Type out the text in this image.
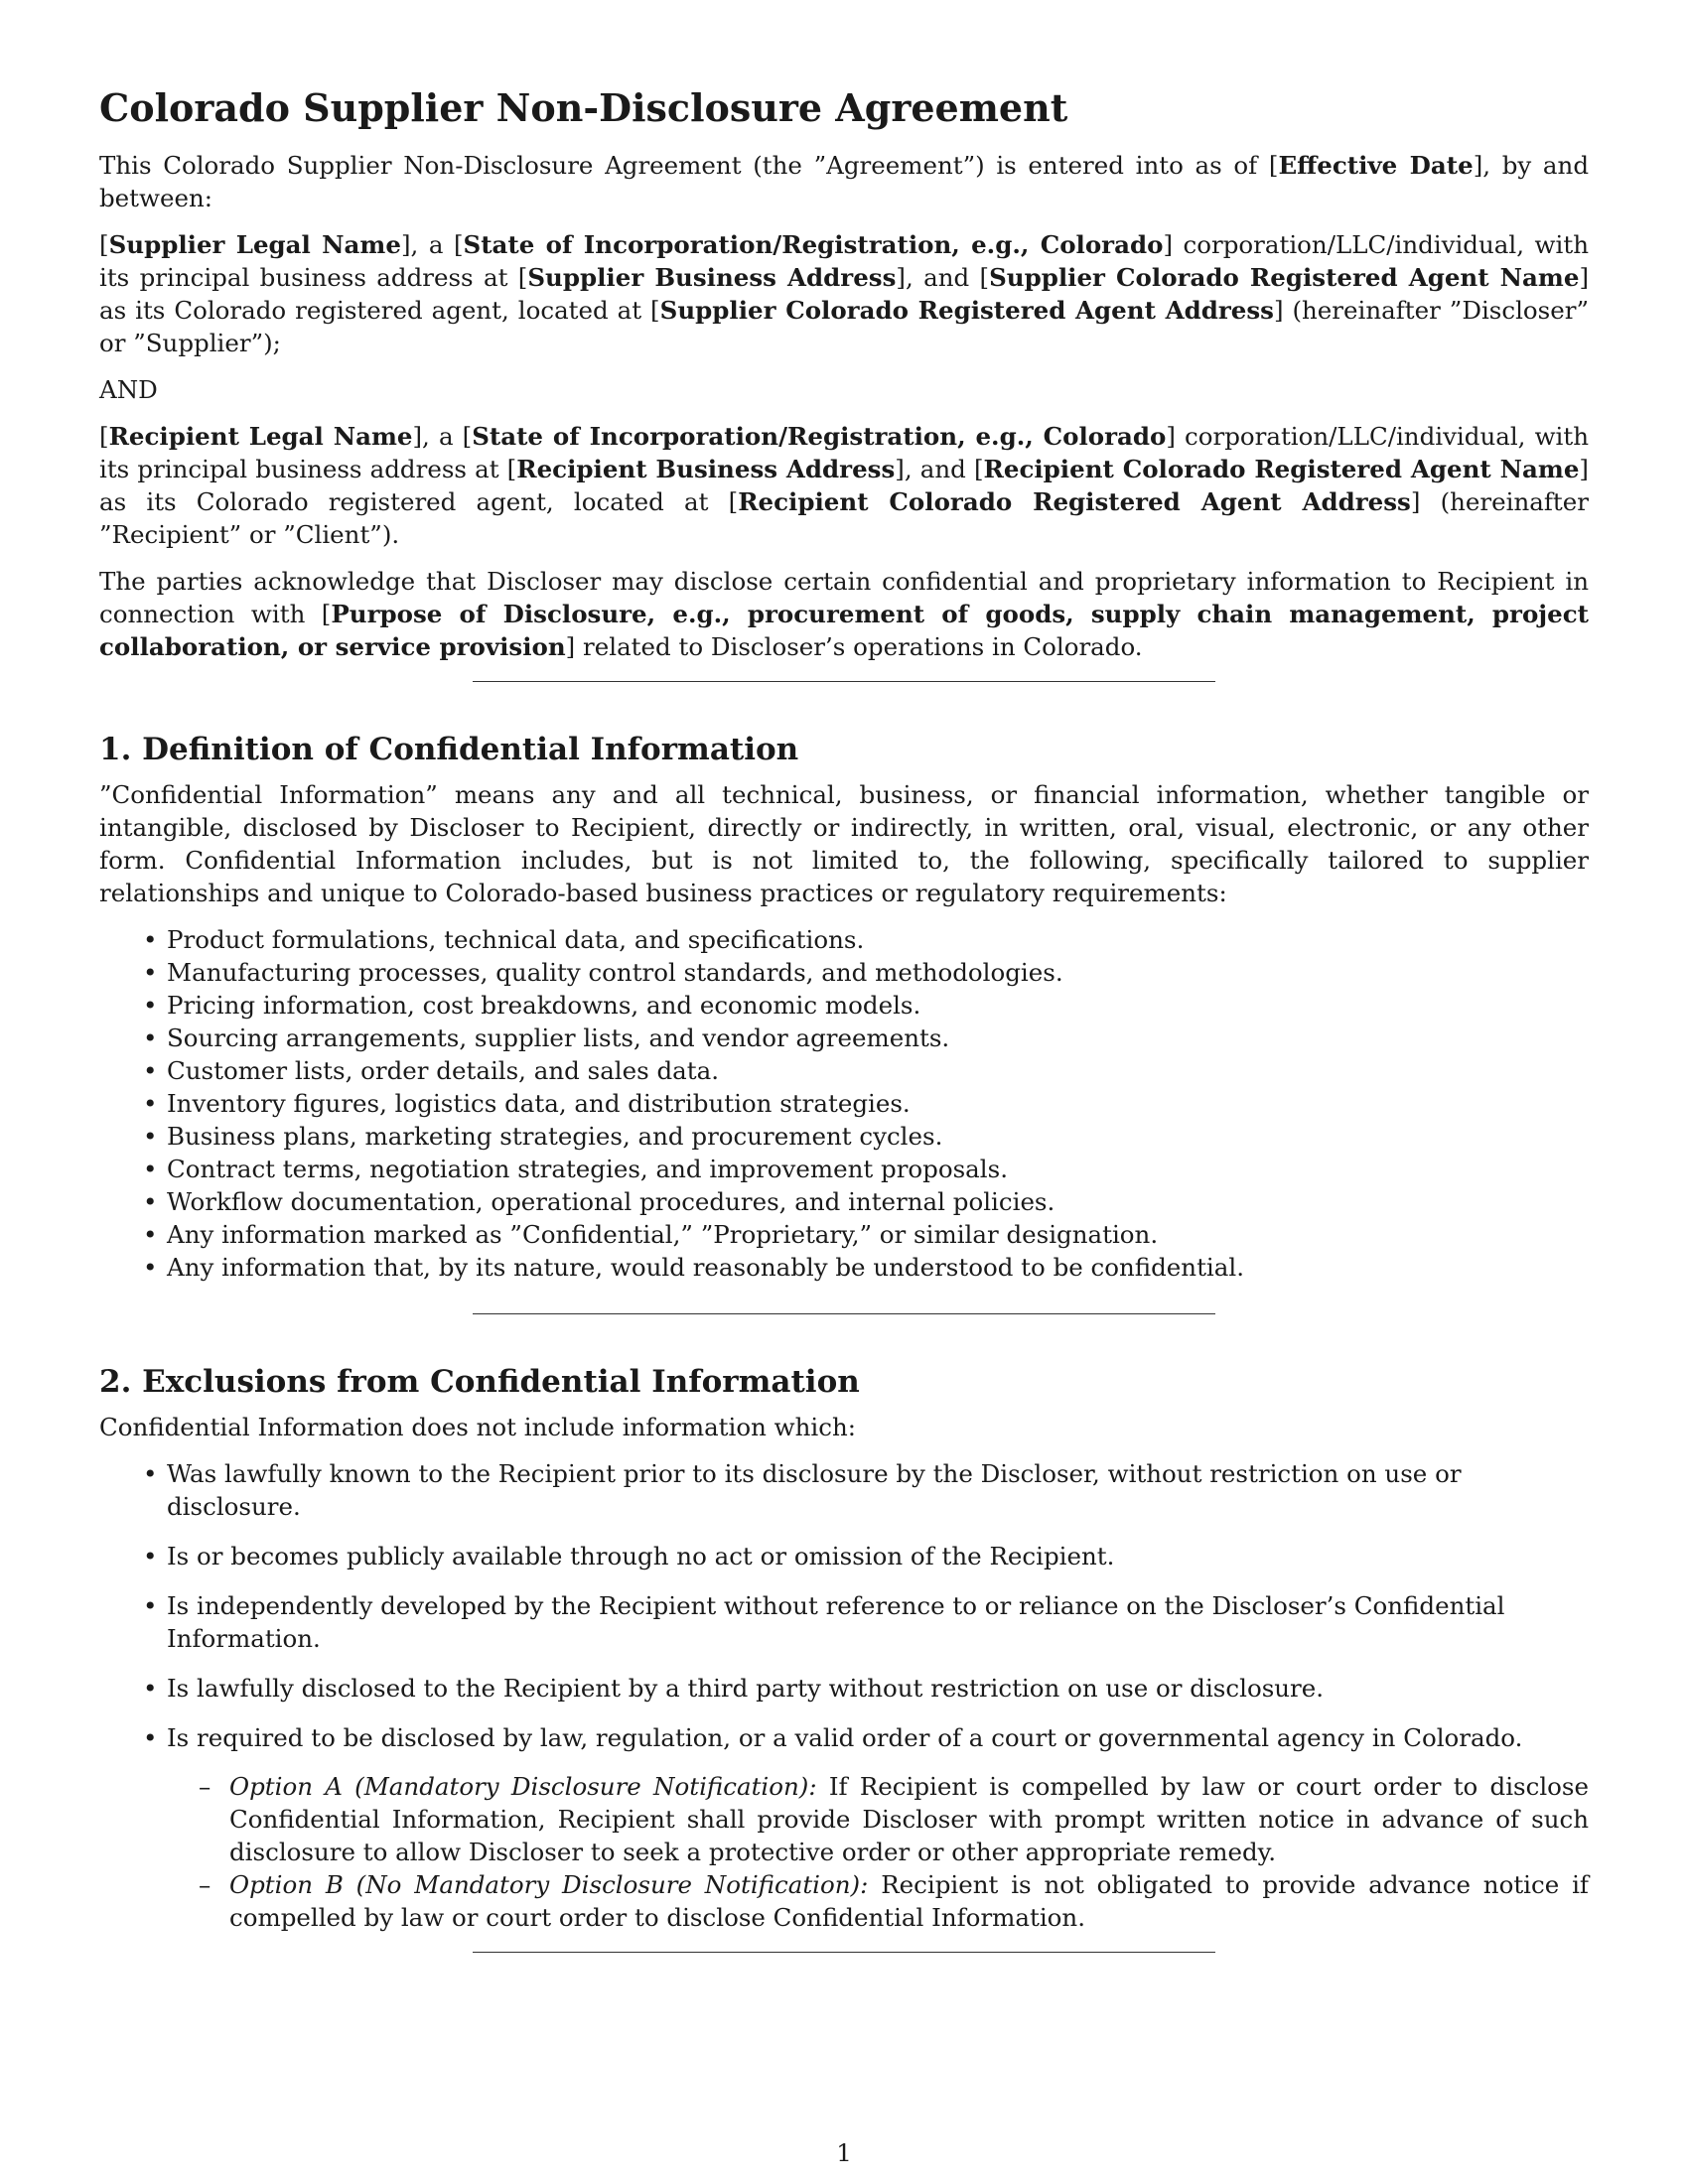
Colorado Supplier Non-Disclosure Agreement

This Colorado Supplier Non-Disclosure Agreement (the ”Agreement”) is entered into as of [Effective Date], by and between:

[Supplier Legal Name], a [State of Incorporation/Registration, e.g., Colorado] corporation/LLC/individual, with its principal business address at [Supplier Business Address], and [Supplier Colorado Registered Agent Name] as its Colorado registered agent, located at [Supplier Colorado Registered Agent Address] (hereinafter ”Discloser” or ”Supplier”);

AND

[Recipient Legal Name], a [State of Incorporation/Registration, e.g., Colorado] corporation/LLC/individual, with its principal business address at [Recipient Business Address], and [Recipient Colorado Registered Agent Name] as its Colorado registered agent, located at [Recipient Colorado Registered Agent Address] (hereinafter ”Recipient” or ”Client”).

The parties acknowledge that Discloser may disclose certain confidential and proprietary information to Recipient in connection with [Purpose of Disclosure, e.g., procurement of goods, supply chain management, project collaboration, or service provision] related to Discloser’s operations in Colorado.

1. Definition of Confidential Information

”Confidential Information” means any and all technical, business, or financial information, whether tangible or intangible, disclosed by Discloser to Recipient, directly or indirectly, in written, oral, visual, electronic, or any other form. Confidential Information includes, but is not limited to, the following, specifically tailored to supplier relationships and unique to Colorado-based business practices or regulatory requirements:

• Product formulations, technical data, and specifications.
• Manufacturing processes, quality control standards, and methodologies.
• Pricing information, cost breakdowns, and economic models.
• Sourcing arrangements, supplier lists, and vendor agreements.
• Customer lists, order details, and sales data.
• Inventory figures, logistics data, and distribution strategies.
• Business plans, marketing strategies, and procurement cycles.
• Contract terms, negotiation strategies, and improvement proposals.
• Workflow documentation, operational procedures, and internal policies.
• Any information marked as ”Confidential,” ”Proprietary,” or similar designation.
• Any information that, by its nature, would reasonably be understood to be confidential.
2. Exclusions from Confidential Information

Confidential Information does not include information which:

• Was lawfully known to the Recipient prior to its disclosure by the Discloser, without restriction on use or disclosure.
• Is or becomes publicly available through no act or omission of the Recipient.
• Is independently developed by the Recipient without reference to or reliance on the Discloser’s Confidential Information.
• Is lawfully disclosed to the Recipient by a third party without restriction on use or disclosure.
• Is required to be disclosed by law, regulation, or a valid order of a court or governmental agency in Colorado.
– Option A (Mandatory Disclosure Notification): If Recipient is compelled by law or court order to disclose Confidential Information, Recipient shall provide Discloser with prompt written notice in advance of such disclosure to allow Discloser to seek a protective order or other appropriate remedy.
– Option B (No Mandatory Disclosure Notification): Recipient is not obligated to provide advance notice if compelled by law or court order to disclose Confidential Information.
1
